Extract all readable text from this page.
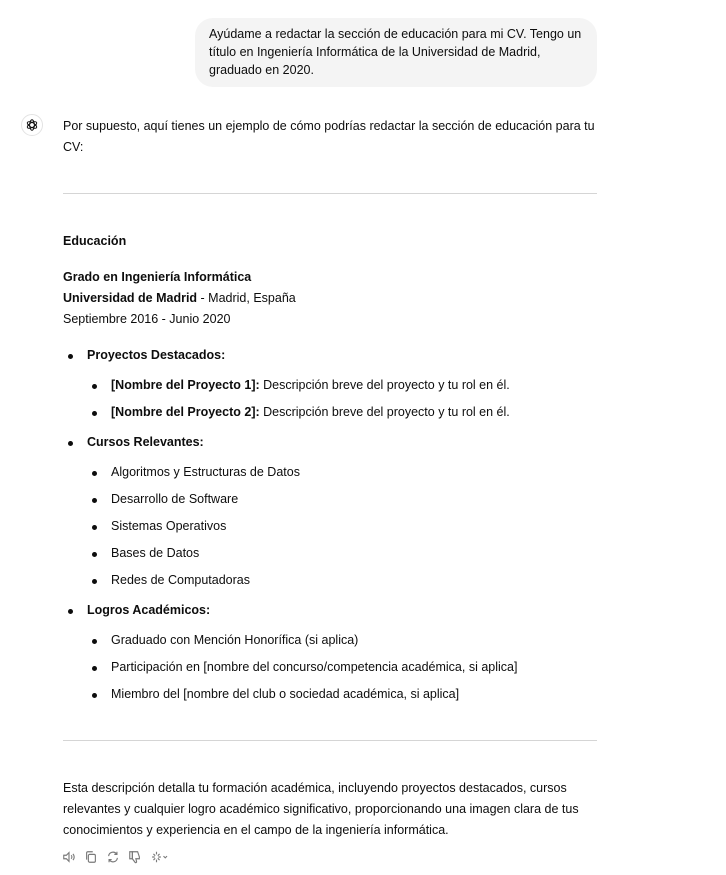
Ayúdame a redactar la sección de educación para mi CV. Tengo un título en Ingeniería Informática de la Universidad de Madrid, graduado en 2020.

Por supuesto, aquí tienes un ejemplo de cómo podrías redactar la sección de educación para tu CV:

Educación

Grado en Ingeniería Informática

Universidad de Madrid - Madrid, España

Septiembre 2016 - Junio 2020

Proyectos Destacados:
[Nombre del Proyecto 1]: Descripción breve del proyecto y tu rol en él.
[Nombre del Proyecto 2]: Descripción breve del proyecto y tu rol en él.
Cursos Relevantes:
Algoritmos y Estructuras de Datos
Desarrollo de Software
Sistemas Operativos
Bases de Datos
Redes de Computadoras
Logros Académicos:
Graduado con Mención Honorífica (si aplica)
Participación en [nombre del concurso/competencia académica, si aplica]
Miembro del [nombre del club o sociedad académica, si aplica]

Esta descripción detalla tu formación académica, incluyendo proyectos destacados, cursos relevantes y cualquier logro académico significativo, proporcionando una imagen clara de tus conocimientos y experiencia en el campo de la ingeniería informática.
